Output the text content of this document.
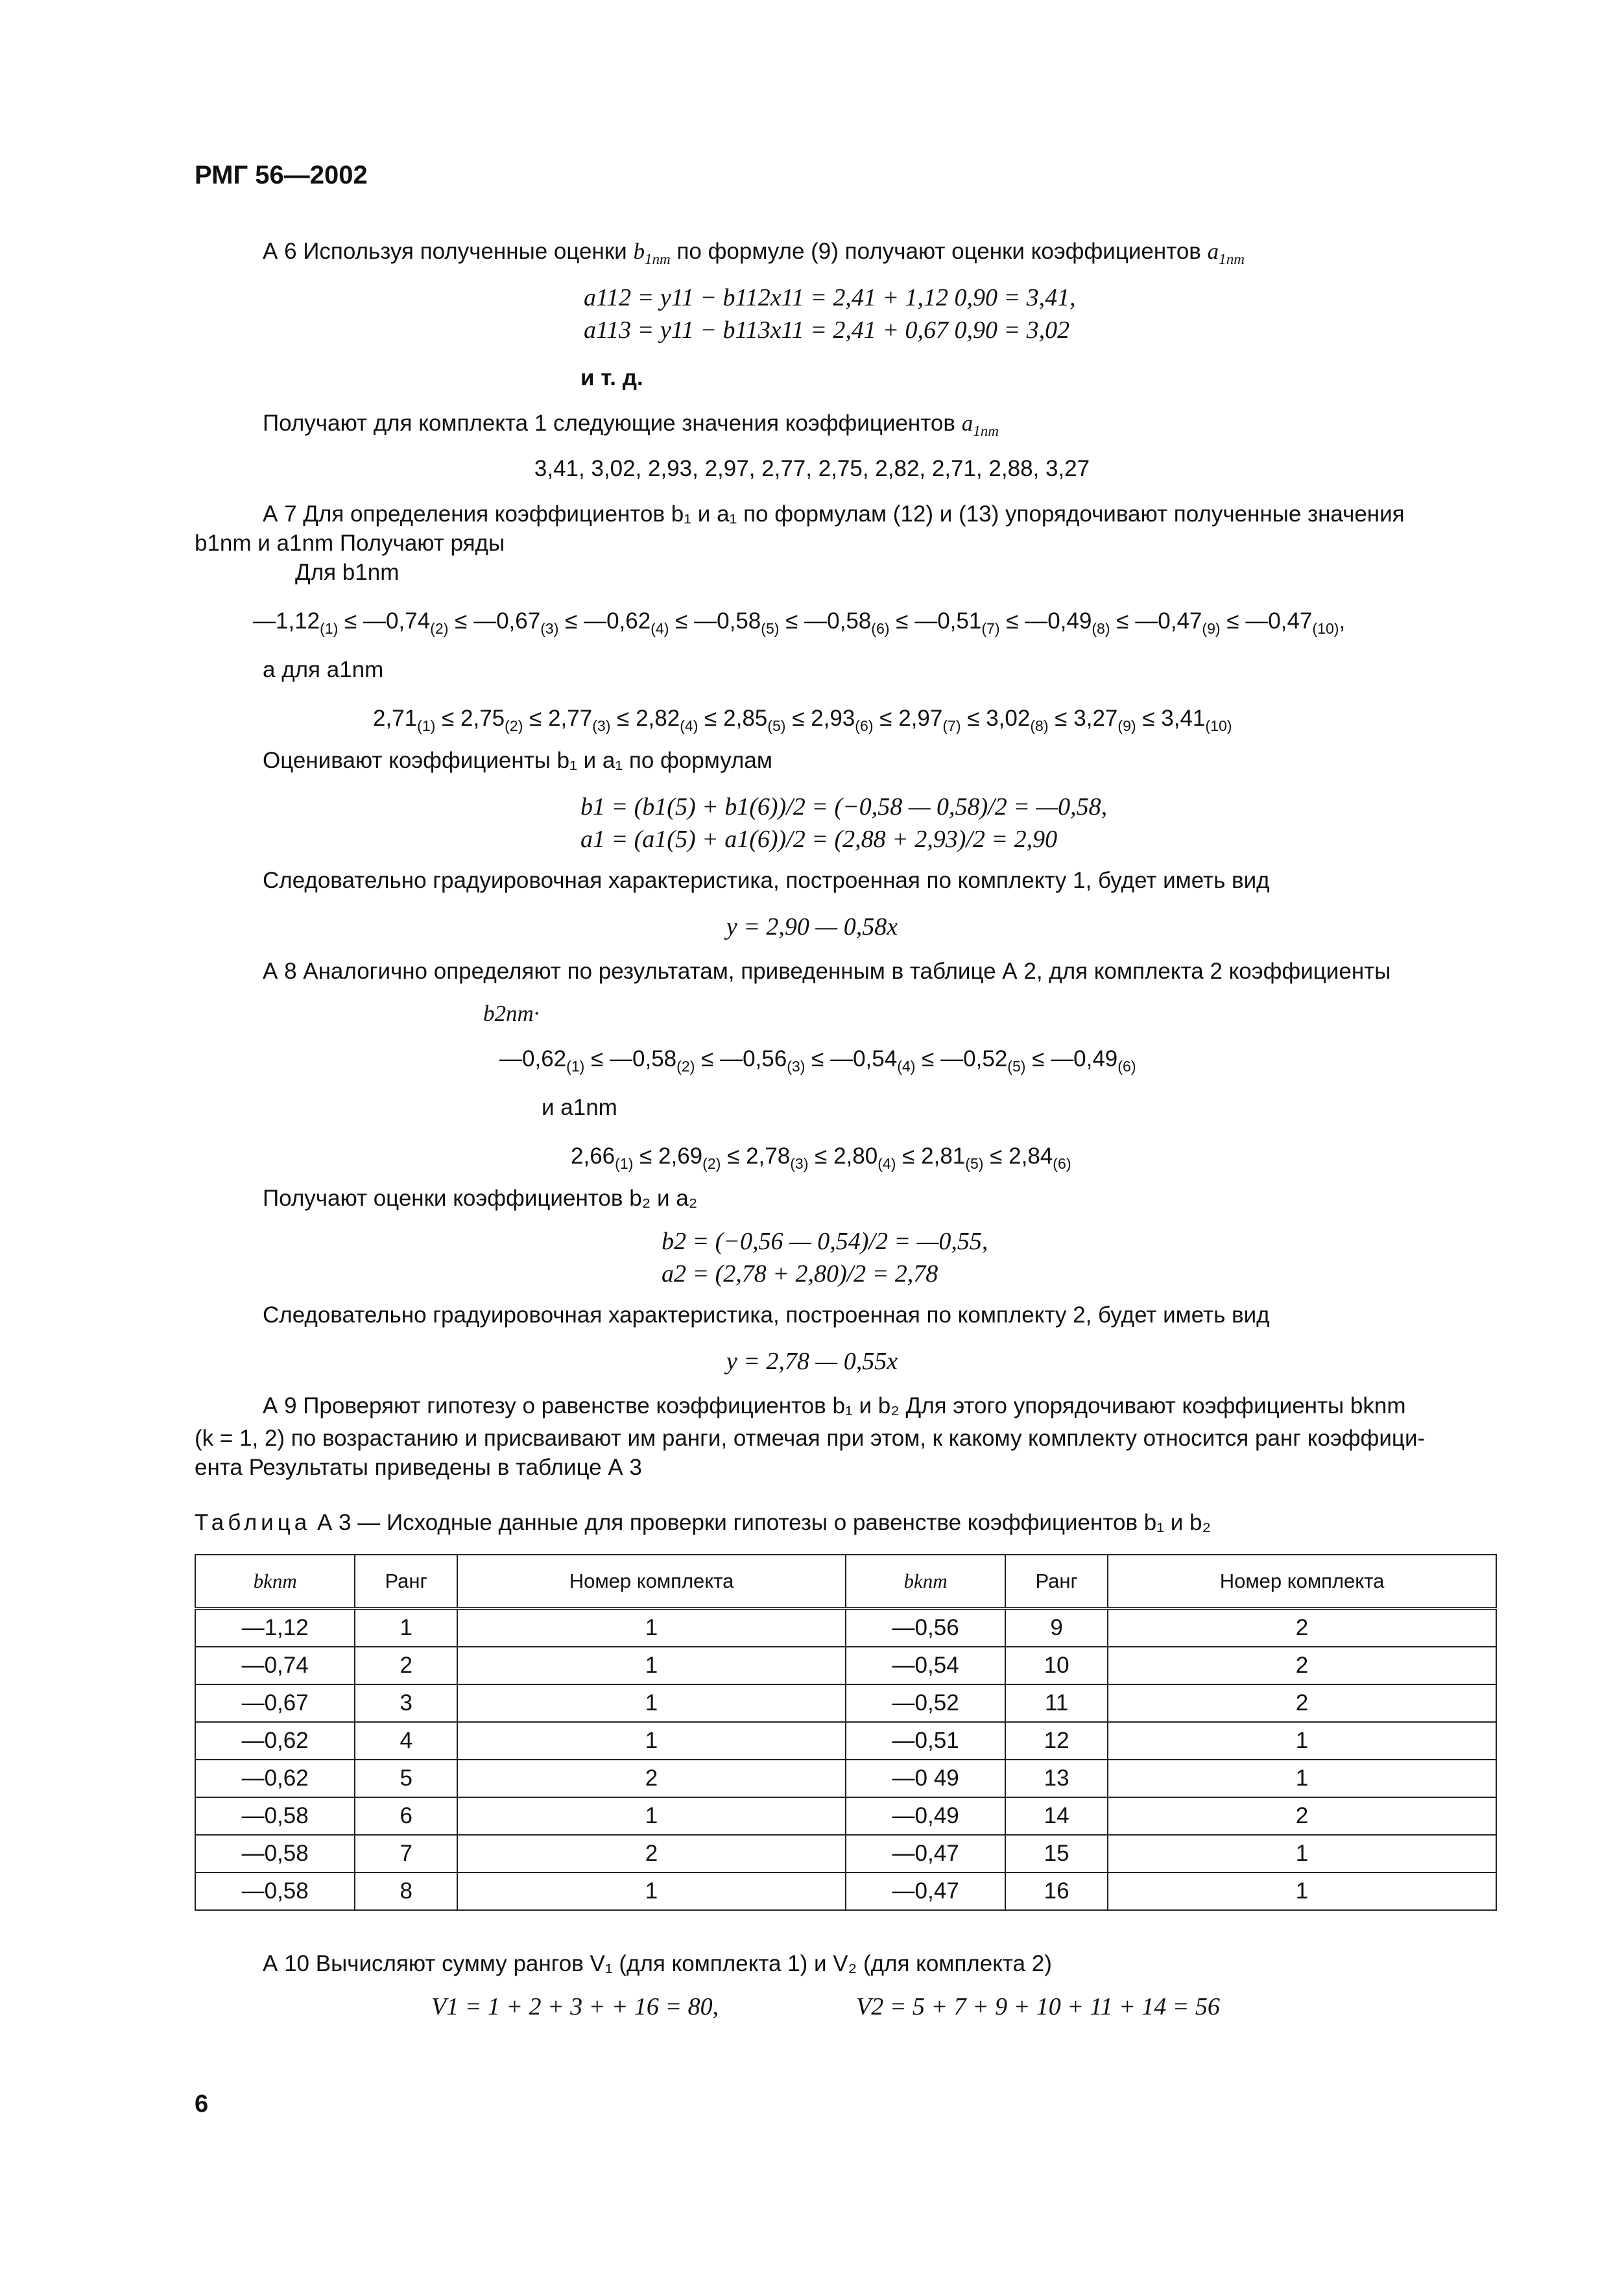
РМГ 56—2002
А 6 Используя полученные оценки $b_{1nm}$ по формуле (9) получают оценки коэффициентов $a_{1nm}$
a112 = y11 − b112x11 = 2,41 + 1,12 0,90 = 3,41,
a113 = y11 − b113x11 = 2,41 + 0,67 0,90 = 3,02
и т. д.
Получают для комплекта 1 следующие значения коэффициентов $a_{1nm}$
3,41, 3,02, 2,93, 2,97, 2,77, 2,75, 2,82, 2,71, 2,88, 3,27
А 7 Для определения коэффициентов b₁ и a₁ по формулам (12) и (13) упорядочивают полученные значения
b1nm и a1nm Получают ряды
Для b1nm
$—1,12_{(1)}$ ≤ $—0,74_{(2)}$ ≤ $—0,67_{(3)}$ ≤ $—0,62_{(4)}$ ≤ $—0,58_{(5)}$ ≤ $—0,58_{(6)}$ ≤ $—0,51_{(7)}$ ≤ $—0,49_{(8)}$ ≤ $—0,47_{(9)}$ ≤ $—0,47_{(10)}$,
а для a1nm
$2,71_{(1)} \le 2,75_{(2)} \le 2,77_{(3)} \le 2,82_{(4)} \le 2,85_{(5)} \le 2,93_{(6)} \le 2,97_{(7)} \le 3,02_{(8)} \le 3,27_{(9)} \le 3,41_{(10)}$
Оценивают коэффициенты b₁ и a₁ по формулам
b1 = (b1(5) + b1(6))/2 = (−0,58 — 0,58)/2 = —0,58,
a1 = (a1(5) + a1(6))/2 = (2,88 + 2,93)/2 = 2,90
Следовательно градуировочная характеристика, построенная по комплекту 1, будет иметь вид
y = 2,90 — 0,58x
А 8 Аналогично определяют по результатам, приведенным в таблице А 2, для комплекта 2 коэффициенты
b2nm·
$—0,62_{(1)}$ ≤ $—0,58_{(2)}$ ≤ $—0,56_{(3)}$ ≤ $—0,54_{(4)}$ ≤ $—0,52_{(5)}$ ≤ $—0,49_{(6)}$
и a1nm
$2,66_{(1)} \le 2,69_{(2)} \le 2,78_{(3)} \le 2,80_{(4)} \le 2,81_{(5)} \le 2,84_{(6)}$
Получают оценки коэффициентов b₂ и a₂
b2 = (−0,56 — 0,54)/2 = —0,55,
a2 = (2,78 + 2,80)/2 = 2,78
Следовательно градуировочная характеристика, построенная по комплекту 2, будет иметь вид
y = 2,78 — 0,55x
А 9 Проверяют гипотезу о равенстве коэффициентов b₁ и b₂ Для этого упорядочивают коэффициенты bknm
(k = 1, 2) по возрастанию и присваивают им ранги, отмечая при этом, к какому комплекту относится ранг коэффици-
ента Результаты приведены в таблице А 3
Таблица А 3 — Исходные данные для проверки гипотезы о равенстве коэффициентов b₁ и b₂
bknm	Ранг	Номер комплекта	bknm	Ранг	Номер комплекта
—1,12	1	1	—0,56	9	2
—0,74	2	1	—0,54	10	2
—0,67	3	1	—0,52	11	2
—0,62	4	1	—0,51	12	1
—0,62	5	2	—0 49	13	1
—0,58	6	1	—0,49	14	2
—0,58	7	2	—0,47	15	1
—0,58	8	1	—0,47	16	1
А 10 Вычисляют сумму рангов V₁ (для комплекта 1) и V₂ (для комплекта 2)
V1 = 1 + 2 + 3 + + 16 = 80,	V2 = 5 + 7 + 9 + 10 + 11 + 14 = 56
6
